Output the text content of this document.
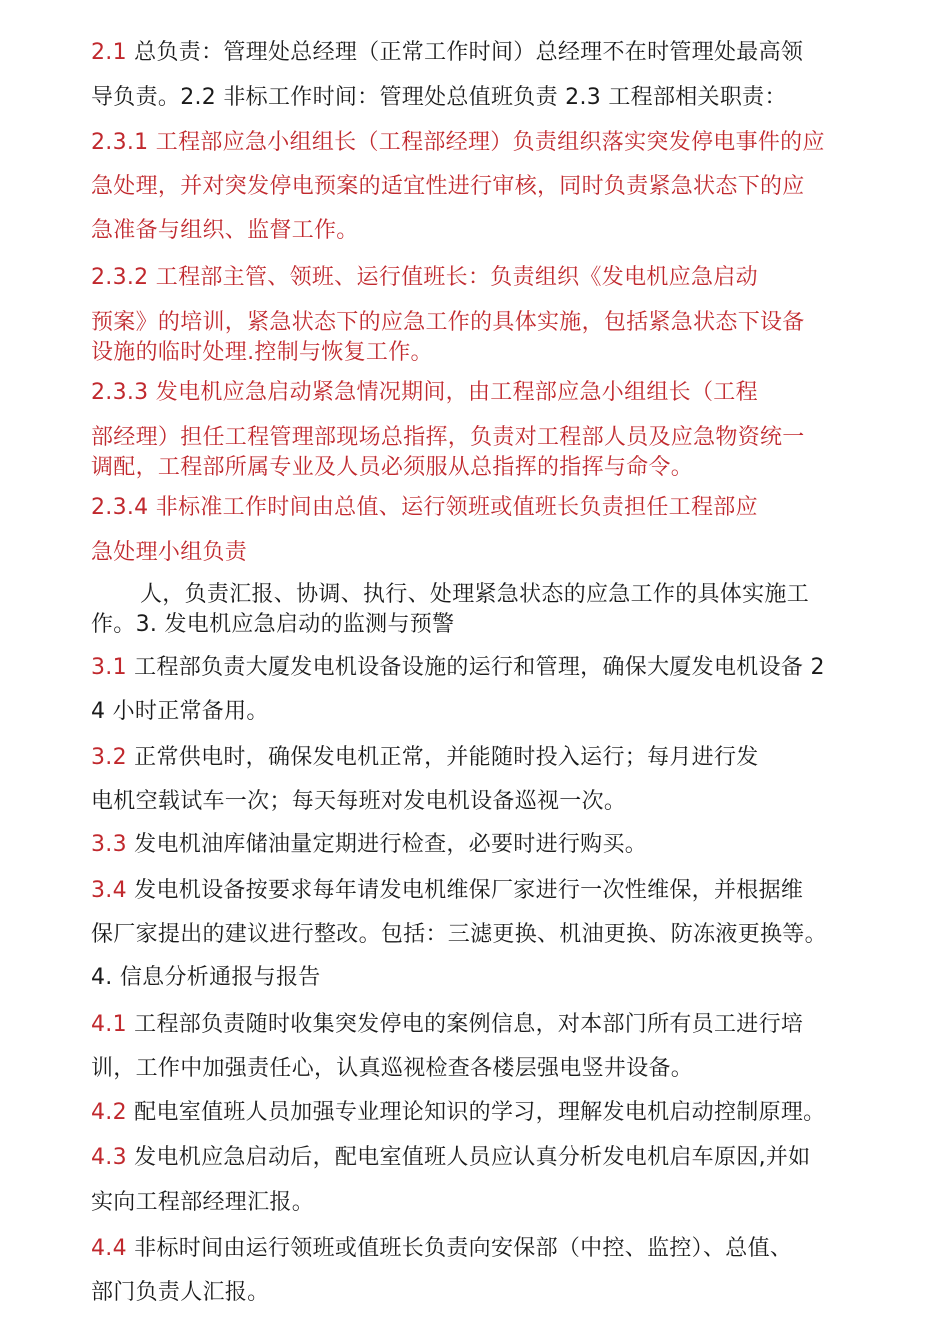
2.1 总负责：管理处总经理（正常工作时间）总经理不在时管理处最高领
导负责。2.2 非标工作时间：管理处总值班负责 2.3 工程部相关职责：
2.3.1 工程部应急小组组长（工程部经理）负责组织落实突发停电事件的应
急处理，并对突发停电预案的适宜性进行审核，同时负责紧急状态下的应
急准备与组织、监督工作。
2.3.2 工程部主管、领班、运行值班长：负责组织《发电机应急启动
预案》的培训，紧急状态下的应急工作的具体实施，包括紧急状态下设备
设施的临时处理.控制与恢复工作。
2.3.3 发电机应急启动紧急情况期间，由工程部应急小组组长（工程
部经理）担任工程管理部现场总指挥，负责对工程部人员及应急物资统一
调配，工程部所属专业及人员必须服从总指挥的指挥与命令。
2.3.4 非标准工作时间由总值、运行领班或值班长负责担任工程部应
急处理小组负责
人，负责汇报、协调、执行、处理紧急状态的应急工作的具体实施工
作。3. 发电机应急启动的监测与预警
3.1 工程部负责大厦发电机设备设施的运行和管理，确保大厦发电机设备 2
4 小时正常备用。
3.2 正常供电时，确保发电机正常，并能随时投入运行；每月进行发
电机空载试车一次；每天每班对发电机设备巡视一次。
3.3 发电机油库储油量定期进行检查，必要时进行购买。
3.4 发电机设备按要求每年请发电机维保厂家进行一次性维保，并根据维
保厂家提出的建议进行整改。包括：三滤更换、机油更换、防冻液更换等。
4. 信息分析通报与报告
4.1 工程部负责随时收集突发停电的案例信息，对本部门所有员工进行培
训，工作中加强责任心，认真巡视检查各楼层强电竖井设备。
4.2 配电室值班人员加强专业理论知识的学习，理解发电机启动控制原理。
4.3 发电机应急启动后，配电室值班人员应认真分析发电机启车原因,并如
实向工程部经理汇报。
4.4 非标时间由运行领班或值班长负责向安保部（中控、监控）、总值、
部门负责人汇报。
